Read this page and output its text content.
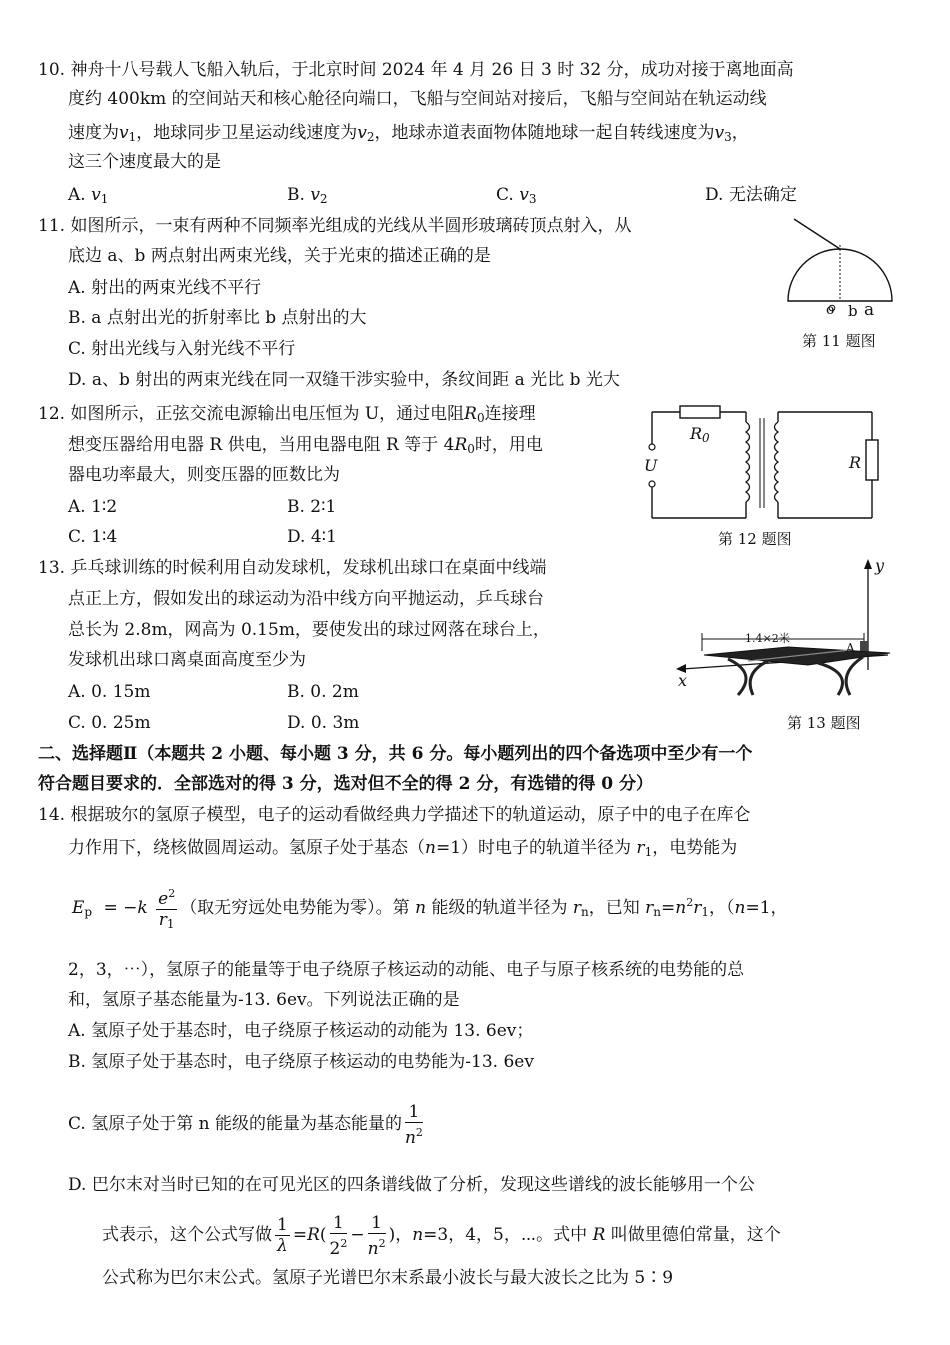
10. 神舟十八号载人飞船入轨后，于北京时间 2024 年 4 月 26 日 3 时 32 分，成功对接于离地面高
度约 400km 的空间站天和核心舱径向端口，飞船与空间站对接后，飞船与空间站在轨运动线
速度为$v_1$，地球同步卫星运动线速度为$v_2$，地球赤道表面物体随地球一起自转线速度为$v_3$，
这三个速度最大的是
A. $v_1$	B. $v_2$	C. $v_3$	D. 无法确定
11. 如图所示，一束有两种不同频率光组成的光线从半圆形玻璃砖顶点射入，从
底边 a、b 两点射出两束光线，关于光束的描述正确的是
A. 射出的两束光线不平行
B. a 点射出光的折射率比 b 点射出的大
C. 射出光线与入射光线不平行
D. a、b 射出的两束光线在同一双缝干涉实验中，条纹间距 a 光比 b 光大
o b a
第 11 题图
12. 如图所示，正弦交流电源输出电压恒为 U，通过电阻$R_0$连接理
想变压器给用电器 R 供电，当用电器电阻 R 等于 $4R_0$时，用电
器电功率最大，则变压器的匝数比为
A. 1∶2	B. 2∶1
C. 1∶4	D. 4∶1
$R_0$
U	R
第 12 题图
13. 乒乓球训练的时候利用自动发球机，发球机出球口在桌面中线端
点正上方，假如发出的球运动为沿中线方向平抛运动，乒乓球台
总长为 2.8m，网高为 0.15m，要使发出的球过网落在球台上，
发球机出球口离桌面高度至少为
A. 0. 15m	B. 0. 2m
C. 0. 25m	D. 0. 3m
y
x
1.4×2米
A
第 13 题图
二、选择题Ⅱ（本题共 2 小题、每小题 3 分，共 6 分。每小题列出的四个备选项中至少有一个
符合题目要求的．全部选对的得 3 分，选对但不全的得 2 分，有选错的得 0 分）
14. 根据玻尔的氢原子模型，电子的运动看做经典力学描述下的轨道运动，原子中的电子在库仑
力作用下，绕核做圆周运动。氢原子处于基态（n=1）时电子的轨道半径为 $r_1$，电势能为
$E_p = -k \frac{e^2}{r_1}$ （取无穷远处电势能为零）。第 n 能级的轨道半径为 $r_n$，已知 $r_n=n^2r_1$，（n=1，
2，3，⋯），氢原子的能量等于电子绕原子核运动的动能、电子与原子核系统的电势能的总
和，氢原子基态能量为-13. 6ev。下列说法正确的是
A. 氢原子处于基态时，电子绕原子核运动的动能为 13. 6ev；
B. 氢原子处于基态时，电子绕原子核运动的电势能为-13. 6ev
C. 氢原子处于第 n 能级的能量为基态能量的 $\frac{1}{n^2}$
D. 巴尔末对当时已知的在可见光区的四条谱线做了分析，发现这些谱线的波长能够用一个公
式表示，这个公式写做 $\frac{1}{\lambda} =R( \frac{1}{2^2} - \frac{1}{n^2}$ )，n=3，4，5，⋯。式中 R 叫做里德伯常量，这个
公式称为巴尔末公式。氢原子光谱巴尔末系最小波长与最大波长之比为 5∶9
